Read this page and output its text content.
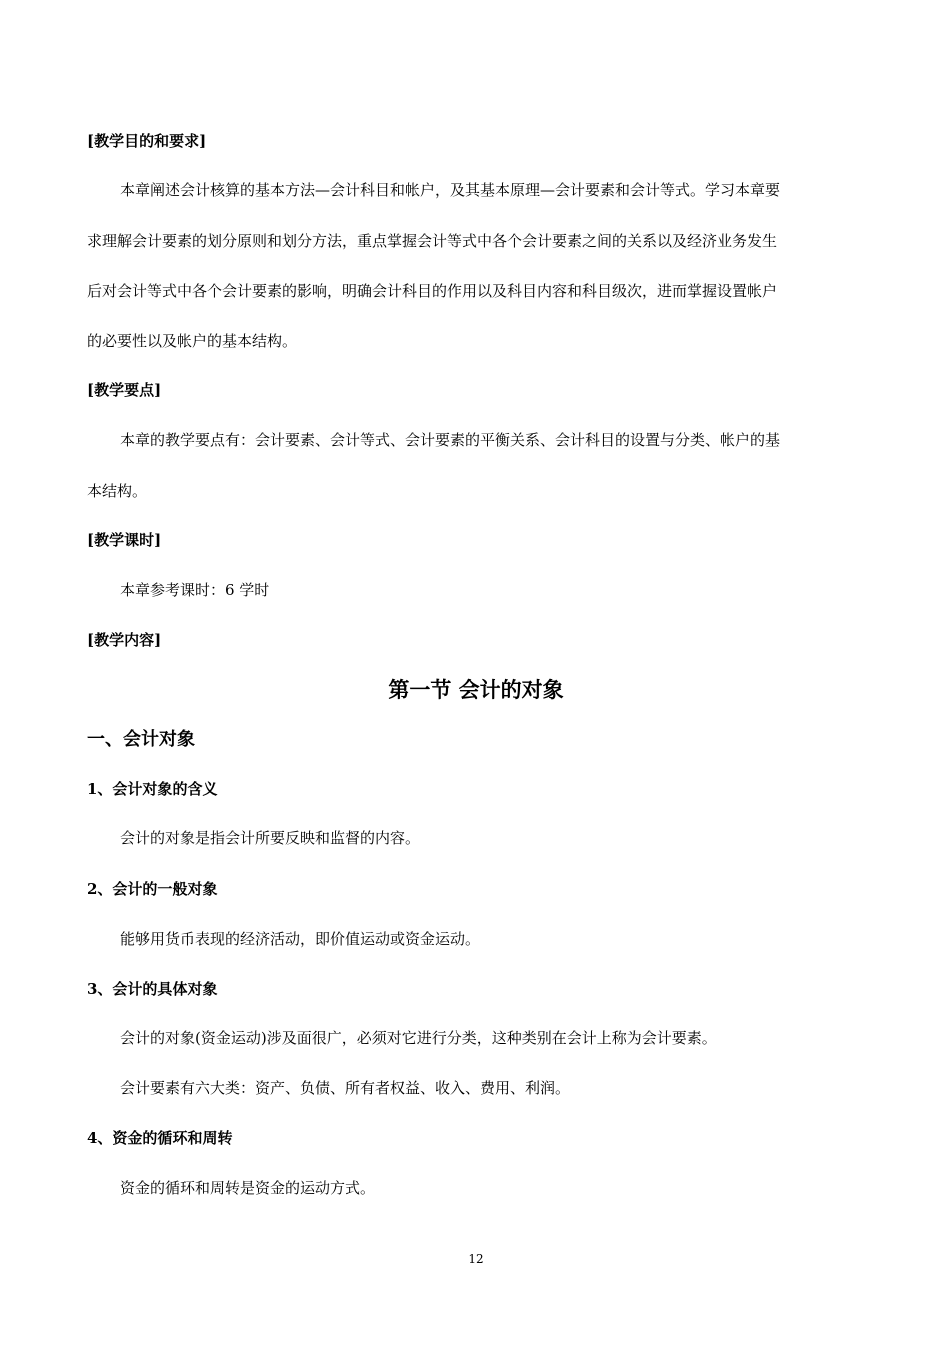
[教学目的和要求]
本章阐述会计核算的基本方法—会计科目和帐户，及其基本原理—会计要素和会计等式。学习本章要
求理解会计要素的划分原则和划分方法，重点掌握会计等式中各个会计要素之间的关系以及经济业务发生
后对会计等式中各个会计要素的影响，明确会计科目的作用以及科目内容和科目级次，进而掌握设置帐户
的必要性以及帐户的基本结构。
[教学要点]
本章的教学要点有：会计要素、会计等式、会计要素的平衡关系、会计科目的设置与分类、帐户的基
本结构。
[教学课时]
本章参考课时：6 学时
[教学内容]
第一节 会计的对象
一、会计对象
1、会计对象的含义
会计的对象是指会计所要反映和监督的内容。
2、会计的一般对象
能够用货币表现的经济活动，即价值运动或资金运动。
3、会计的具体对象
会计的对象(资金运动)涉及面很广，必须对它进行分类，这种类别在会计上称为会计要素。
会计要素有六大类：资产、负债、所有者权益、收入、费用、利润。
4、资金的循环和周转
资金的循环和周转是资金的运动方式。
12
